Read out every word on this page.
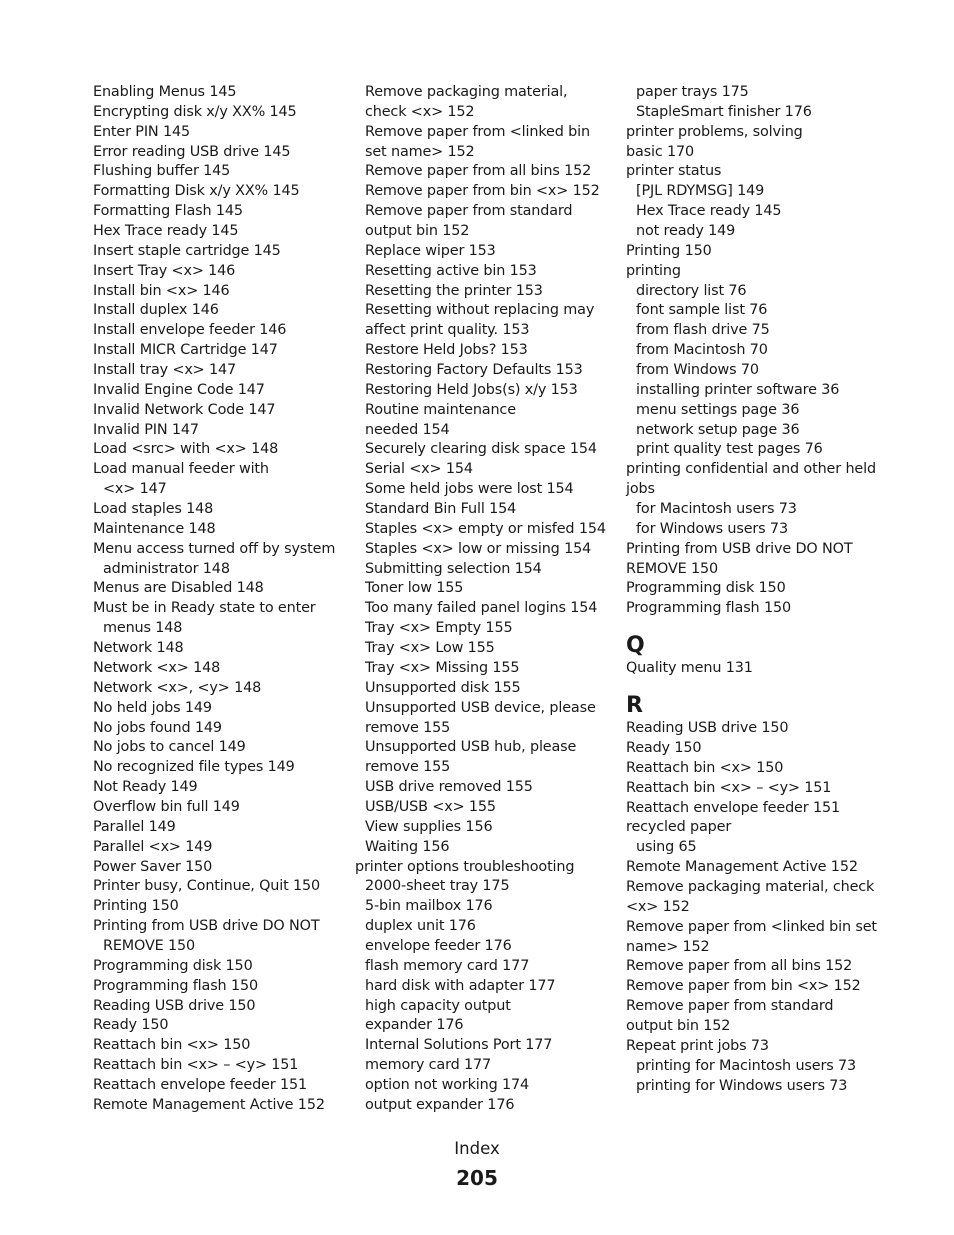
Enabling Menus 145
Encrypting disk x/y XX% 145
Enter PIN 145
Error reading USB drive 145
Flushing buffer 145
Formatting Disk x/y XX% 145
Formatting Flash 145
Hex Trace ready 145
Insert staple cartridge 145
Insert Tray <x> 146
Install bin <x> 146
Install duplex 146
Install envelope feeder 146
Install MICR Cartridge 147
Install tray <x> 147
Invalid Engine Code 147
Invalid Network Code 147
Invalid PIN 147
Load <src> with <x> 148
Load manual feeder with
<x> 147
Load staples 148
Maintenance 148
Menu access turned off by system
administrator 148
Menus are Disabled 148
Must be in Ready state to enter
menus 148
Network 148
Network <x> 148
Network <x>, <y> 148
No held jobs 149
No jobs found 149
No jobs to cancel 149
No recognized file types 149
Not Ready 149
Overflow bin full 149
Parallel 149
Parallel <x> 149
Power Saver 150
Printer busy, Continue, Quit 150
Printing 150
Printing from USB drive DO NOT
REMOVE 150
Programming disk 150
Programming flash 150
Reading USB drive 150
Ready 150
Reattach bin <x> 150
Reattach bin <x> – <y> 151
Reattach envelope feeder 151
Remote Management Active 152
Remove packaging material,
check <x> 152
Remove paper from <linked bin
set name> 152
Remove paper from all bins 152
Remove paper from bin <x> 152
Remove paper from standard
output bin 152
Replace wiper 153
Resetting active bin 153
Resetting the printer 153
Resetting without replacing may
affect print quality. 153
Restore Held Jobs? 153
Restoring Factory Defaults 153
Restoring Held Jobs(s) x/y 153
Routine maintenance
needed 154
Securely clearing disk space 154
Serial <x> 154
Some held jobs were lost 154
Standard Bin Full 154
Staples <x> empty or misfed 154
Staples <x> low or missing 154
Submitting selection 154
Toner low 155
Too many failed panel logins 154
Tray <x> Empty 155
Tray <x> Low 155
Tray <x> Missing 155
Unsupported disk 155
Unsupported USB device, please
remove 155
Unsupported USB hub, please
remove 155
USB drive removed 155
USB/USB <x> 155
View supplies 156
Waiting 156
printer options troubleshooting
2000-sheet tray 175
5-bin mailbox 176
duplex unit 176
envelope feeder 176
flash memory card 177
hard disk with adapter 177
high capacity output
expander 176
Internal Solutions Port 177
memory card 177
option not working 174
output expander 176
paper trays 175
StapleSmart finisher 176
printer problems, solving
basic 170
printer status
[PJL RDYMSG] 149
Hex Trace ready 145
not ready 149
Printing 150
printing
directory list 76
font sample list 76
from flash drive 75
from Macintosh 70
from Windows 70
installing printer software 36
menu settings page 36
network setup page 36
print quality test pages 76
printing confidential and other held
jobs
for Macintosh users 73
for Windows users 73
Printing from USB drive DO NOT
REMOVE 150
Programming disk 150
Programming flash 150
Q
Quality menu 131
R
Reading USB drive 150
Ready 150
Reattach bin <x> 150
Reattach bin <x> – <y> 151
Reattach envelope feeder 151
recycled paper
using 65
Remote Management Active 152
Remove packaging material, check
<x> 152
Remove paper from <linked bin set
name> 152
Remove paper from all bins 152
Remove paper from bin <x> 152
Remove paper from standard
output bin 152
Repeat print jobs 73
printing for Macintosh users 73
printing for Windows users 73
Index
205
